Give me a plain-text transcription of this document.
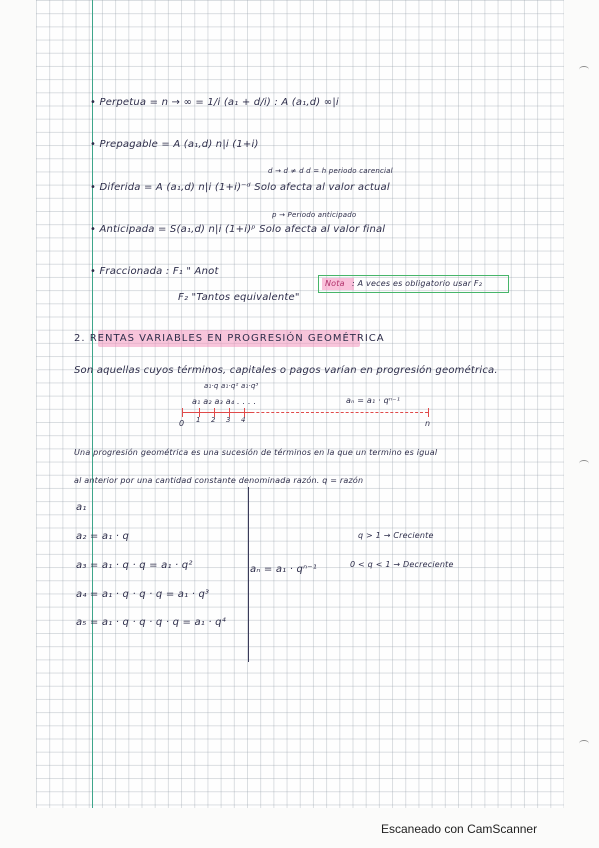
• Perpetua = n → ∞ = 1/i (a₁ + d/i) : A (a₁,d) ∞|i
• Prepagable = A (a₁,d) n|i (1+i)
d → d ≠ d d = h periodo carencial
• Diferida = A (a₁,d) n|i (1+i)⁻ᵈ Solo afecta al valor actual
p → Periodo anticipado
• Anticipada = S(a₁,d) n|i (1+i)ᵖ Solo afecta al valor final
• Fraccionada : F₁ " Anot
F₂ "Tantos equivalente"
Nota : A veces es obligatorio usar F₂
2. RENTAS VARIABLES EN PROGRESIÓN GEOMÉTRICA
Son aquellas cuyos términos, capitales o pagos varían en progresión geométrica.
a₁·q a₁·q² a₁·q³
a₁ a₂ a₃ a₄ . . . .	aₙ = a₁ · qⁿ⁻¹
0 1 2 3 4	n
Una progresión geométrica es una sucesión de términos en la que un termino es igual
al anterior por una cantidad constante denominada razón. q = razón
a₁
a₂ = a₁ · q
a₃ = a₁ · q · q = a₁ · q²
a₄ = a₁ · q · q · q = a₁ · q³
a₅ = a₁ · q · q · q · q = a₁ · q⁴
aₙ = a₁ · qⁿ⁻¹
q > 1 → Creciente
0 < q < 1 → Decreciente
Escaneado con CamScanner
